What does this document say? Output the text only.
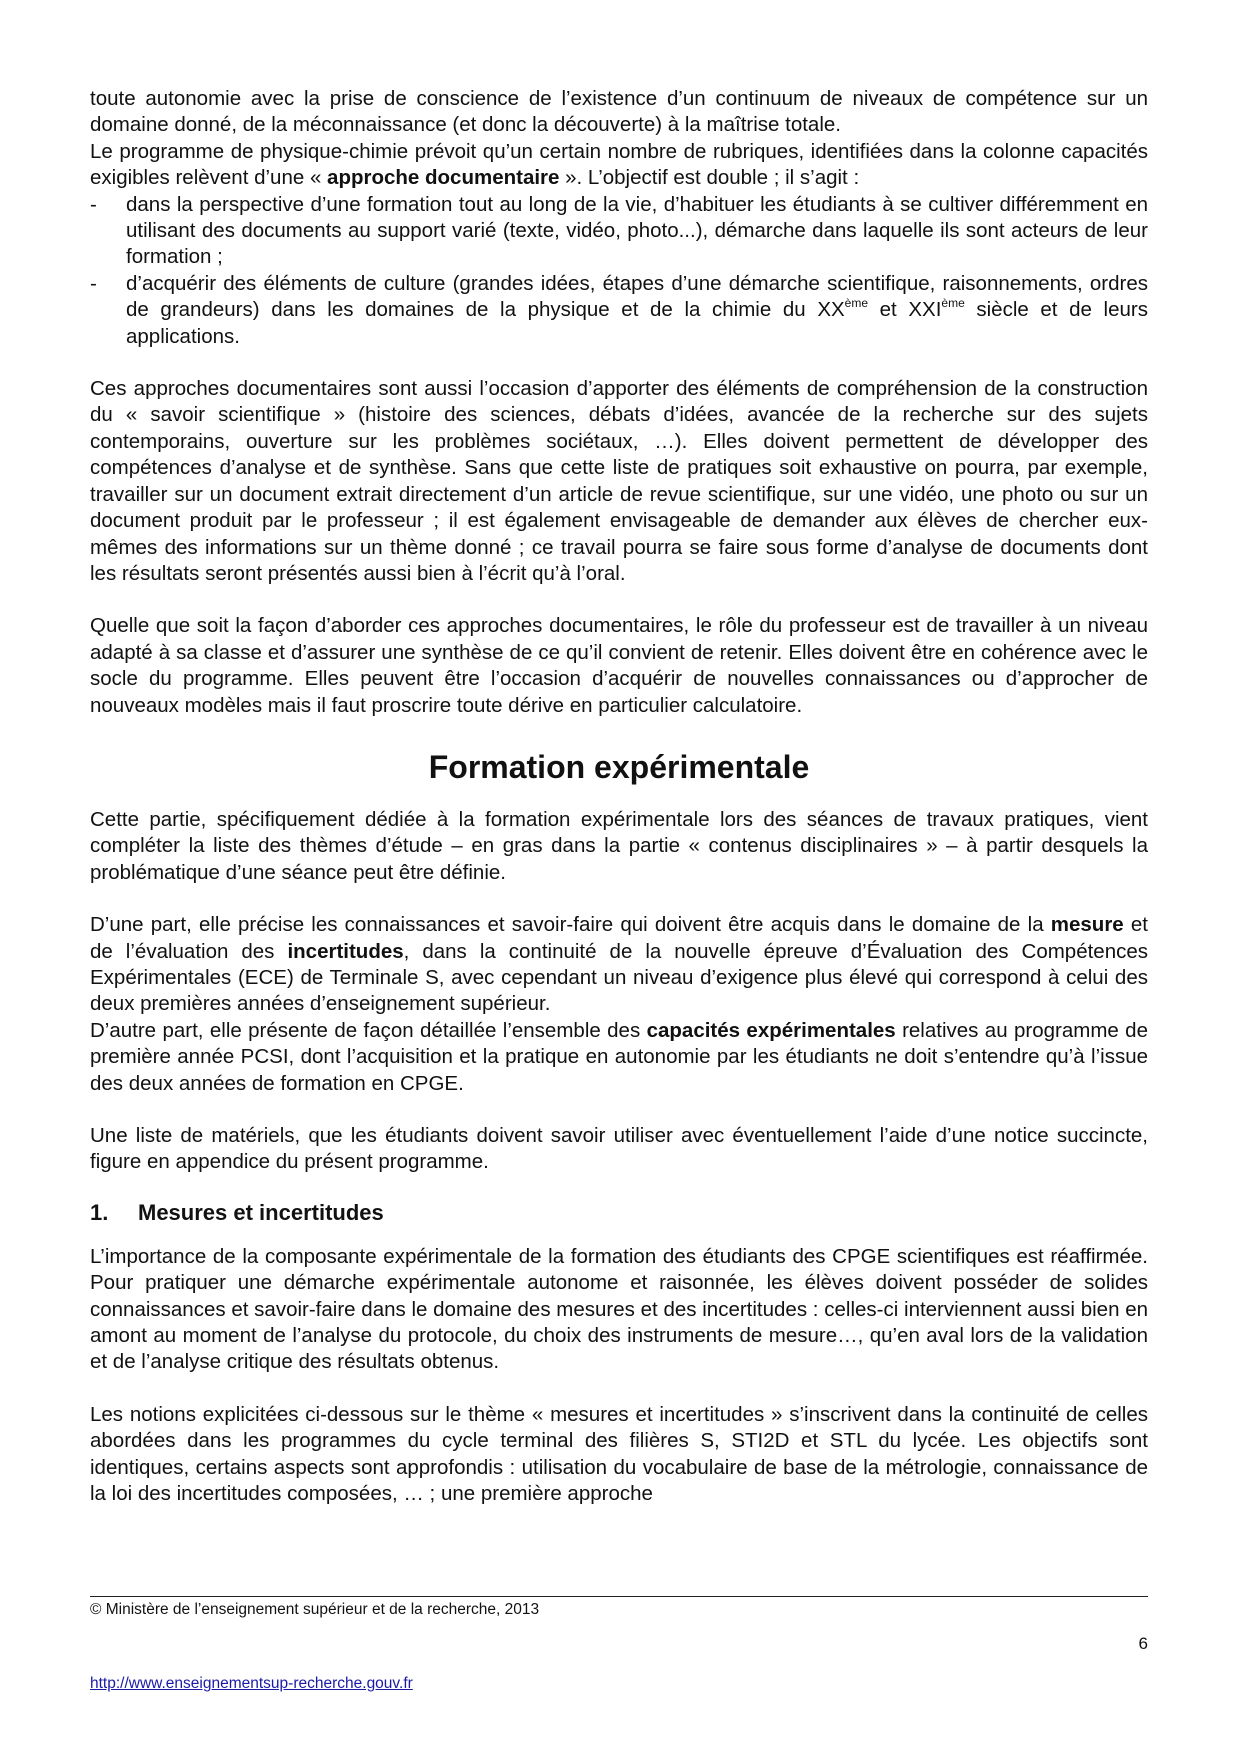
toute autonomie avec la prise de conscience de l’existence d’un continuum de niveaux de compétence sur un domaine donné, de la méconnaissance (et donc la découverte) à la maîtrise totale.

Le programme de physique-chimie prévoit qu’un certain nombre de rubriques, identifiées dans la colonne capacités exigibles relèvent d’une « approche documentaire ». L’objectif est double ; il s’agit :

- dans la perspective d’une formation tout au long de la vie, d’habituer les étudiants à se cultiver différemment en utilisant des documents au support varié (texte, vidéo, photo...), démarche dans laquelle ils sont acteurs de leur formation ;
- d’acquérir des éléments de culture (grandes idées, étapes d’une démarche scientifique, raisonnements, ordres de grandeurs) dans les domaines de la physique et de la chimie du XXème et XXIème siècle et de leurs applications.

Ces approches documentaires sont aussi l’occasion d’apporter des éléments de compréhension de la construction du « savoir scientifique » (histoire des sciences, débats d’idées, avancée de la recherche sur des sujets contemporains, ouverture sur les problèmes sociétaux, …). Elles doivent permettent de développer des compétences d’analyse et de synthèse. Sans que cette liste de pratiques soit exhaustive on pourra, par exemple, travailler sur un document extrait directement d’un article de revue scientifique, sur une vidéo, une photo ou sur un document produit par le professeur ; il est également envisageable de demander aux élèves de chercher eux-mêmes des informations sur un thème donné ; ce travail pourra se faire sous forme d’analyse de documents dont les résultats seront présentés aussi bien à l’écrit qu’à l’oral.

Quelle que soit la façon d’aborder ces approches documentaires, le rôle du professeur est de travailler à un niveau adapté à sa classe et d’assurer une synthèse de ce qu’il convient de retenir. Elles doivent être en cohérence avec le socle du programme. Elles peuvent être l’occasion d’acquérir de nouvelles connaissances ou d’approcher de nouveaux modèles mais il faut proscrire toute dérive en particulier calculatoire.

Formation expérimentale

Cette partie, spécifiquement dédiée à la formation expérimentale lors des séances de travaux pratiques, vient compléter la liste des thèmes d’étude – en gras dans la partie « contenus disciplinaires » – à partir desquels la problématique d’une séance peut être définie.

D’une part, elle précise les connaissances et savoir-faire qui doivent être acquis dans le domaine de la mesure et de l’évaluation des incertitudes, dans la continuité de la nouvelle épreuve d’Évaluation des Compétences Expérimentales (ECE) de Terminale S, avec cependant un niveau d’exigence plus élevé qui correspond à celui des deux premières années d’enseignement supérieur.

D’autre part, elle présente de façon détaillée l’ensemble des capacités expérimentales relatives au programme de première année PCSI, dont l’acquisition et la pratique en autonomie par les étudiants ne doit s’entendre qu’à l’issue des deux années de formation en CPGE.

Une liste de matériels, que les étudiants doivent savoir utiliser avec éventuellement l’aide d’une notice succincte, figure en appendice du présent programme.

1. Mesures et incertitudes

L’importance de la composante expérimentale de la formation des étudiants des CPGE scientifiques est réaffirmée. Pour pratiquer une démarche expérimentale autonome et raisonnée, les élèves doivent posséder de solides connaissances et savoir-faire dans le domaine des mesures et des incertitudes : celles-ci interviennent aussi bien en amont au moment de l’analyse du protocole, du choix des instruments de mesure…, qu’en aval lors de la validation et de l’analyse critique des résultats obtenus.

Les notions explicitées ci-dessous sur le thème « mesures et incertitudes » s’inscrivent dans la continuité de celles abordées dans les programmes du cycle terminal des filières S, STI2D et STL du lycée. Les objectifs sont identiques, certains aspects sont approfondis : utilisation du vocabulaire de base de la métrologie, connaissance de la loi des incertitudes composées, … ; une première approche

© Ministère de l’enseignement supérieur et de la recherche, 2013
6
http://www.enseignementsup-recherche.gouv.fr
